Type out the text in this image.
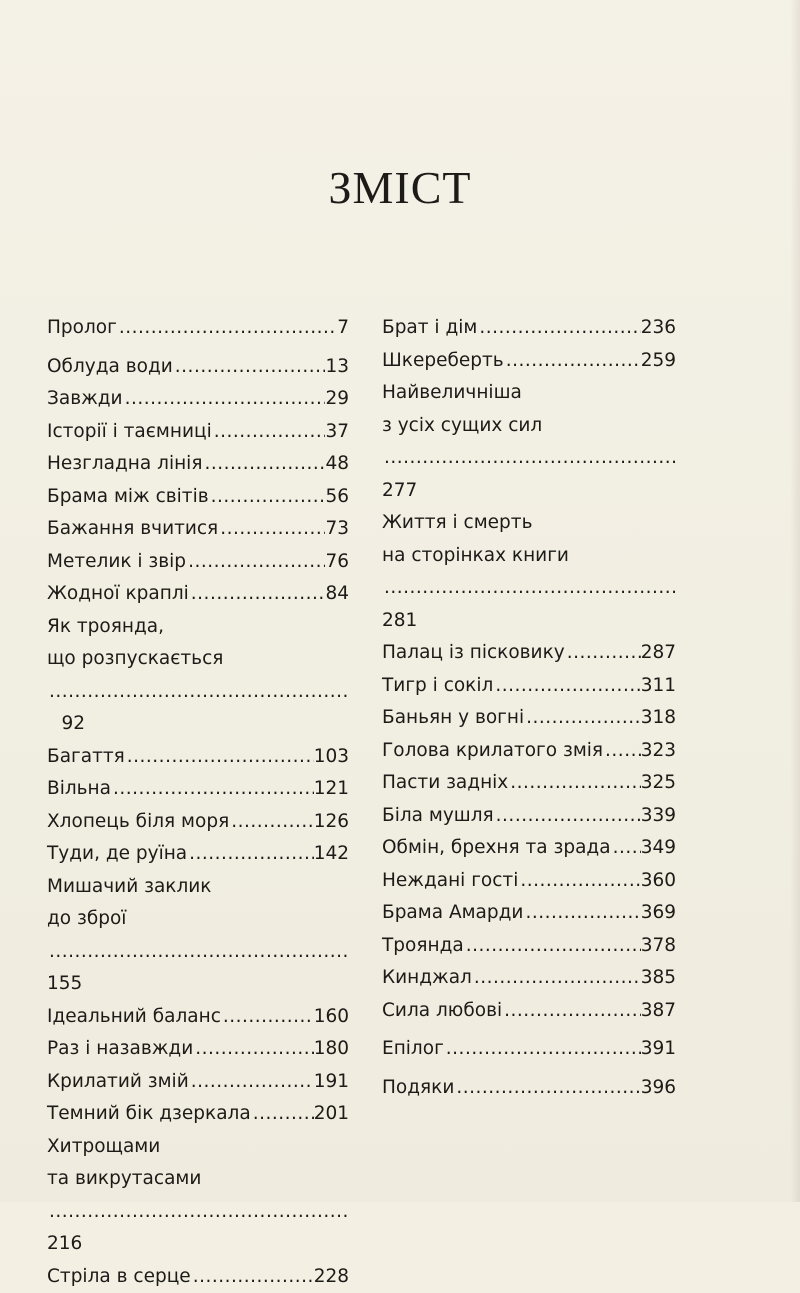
ЗМІСТ
Пролог .....	7
Облуда води .....	13
Завжди .....	29
Історії і таємниці .....	37
Незгладна лінія .....	48
Брама між світів .....	56
Бажання вчитися .....	73
Метелик і звір .....	76
Жодної краплі .....	84
Як троянда,
що розпускається
.....
92
Багаття .....	103
Вільна .....	121
Хлопець біля моря .....	126
Туди, де руїна .....	142
Мишачий заклик
до зброї
.....
155
Ідеальний баланс .....	160
Раз і назавжди .....	180
Крилатий змій .....	191
Темний бік дзеркала .....	201
Хитрощами
та викрутасами
.....
216
Стріла в серце .....	228
Брат і дім .....	236
Шкереберть .....	259
Найвеличніша
з усіх сущих сил
.....
277
Життя і смерть
на сторінках книги
.....
281
Палац із пісковику .....	287
Тигр і сокіл .....	311
Баньян у вогні .....	318
Голова крилатого змія ..... 323
Пасти задніх .....	325
Біла мушля .....	339
Обмін, брехня та зрада ..... 349
Неждані гості .....	360
Брама Амарди .....	369
Троянда .....	378
Кинджал .....	385
Сила любові .....	387
Епілог .....	391
Подяки .....	396
